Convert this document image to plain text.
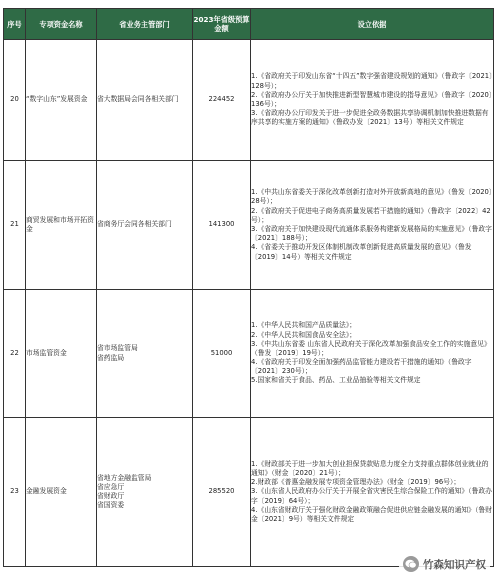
序号	专项资金名称	省业务主管部门	2023年省级预算金额	设立依据
20	“数字山东”发展资金	省大数据局会同各相关部门	224452	1.《省政府关于印发山东省“十四五”数字强省建设规划的通知》（鲁政字〔2021〕128号）；
2.《省政府办公厅关于加快推进新型智慧城市建设的指导意见》（鲁政字〔2020〕136号）；
3.《省政府办公厅印发关于进一步促进全政务数据共享协调机制加快推进数据有序共享的实施方案的通知》（鲁政办发〔2021〕13号）等相关文件规定

21	商贸发展和市场开拓资金	省商务厅会同各相关部门	141300	1.《中共山东省委关于深化改革创新打造对外开放新高地的意见》（鲁发〔2020〕28号）；
2.《省政府关于促进电子商务高质量发展若干措施的通知》（鲁政字〔2022〕42号）；
3.《省政府关于加快建设现代流通体系服务构建新发展格局的实施意见》（鲁政字〔2021〕188号）；
4.《省委关于推动开发区体制机制改革创新促进高质量发展的意见》（鲁发〔2019〕14号）等相关文件规定

22	市场监管资金	省市场监管局
省药监局	51000	1.《中华人民共和国产品质量法》；
2.《中华人民共和国食品安全法》；
3.《中共山东省委 山东省人民政府关于深化改革加强食品安全工作的实施意见》（鲁发〔2019〕19号）；
4.《省政府关于印发全面加强药品监管能力建设若干措施的通知》（鲁政字〔2021〕230号）；
5.国家和省关于食品、药品、工业品抽验等相关文件规定

23	金融发展资金	省地方金融监管局
省应急厅
省财政厅
省国资委	285520	1.《财政部关于进一步加大创业担保贷款贴息力度全力支持重点群体创业就业的通知》（财金〔2020〕21号）；
2.财政部《普惠金融发展专项资金管理办法》（财金〔2019〕96号）；
3.《山东省人民政府办公厅关于开展全省灾害民生综合保险工作的通知》（鲁政办字〔2019〕64号）；
4.《山东省财政厅关于强化财政金融政策融合促进供应链金融发展的通知》（鲁财金〔2021〕9号）等相关文件规定
竹森知识产权
